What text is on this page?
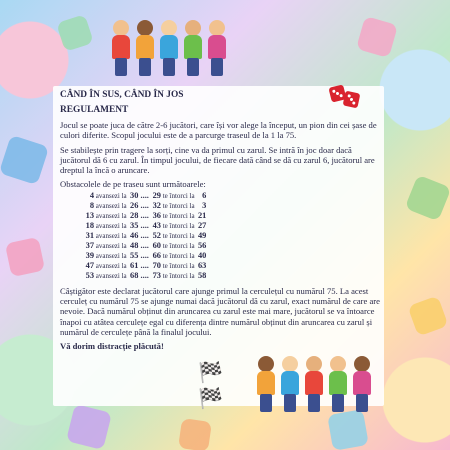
CÂND ÎN SUS, CÂND ÎN JOS
REGULAMENT

Jocul se poate juca de către 2-6 jucători, care își vor alege la început, un pion din cei șase de culori diferite. Scopul jocului este de a parcurge traseul de la 1 la 75.

Se stabilește prin tragere la sorți, cine va da primul cu zarul. Se intră în joc doar dacă jucătorul dă 6 cu zarul. În timpul jocului, de fiecare dată când se dă cu zarul 6, jucătorul are dreptul la încă o aruncare.

Obstacolele de pe traseu sunt următoarele:
4 avansezi la 30 .... 29 te întorci la 6
8 avansezi la 26 .... 32 te întorci la 3
13 avansezi la 28 .... 36 te întorci la 21
18 avansezi la 35 .... 43 te întorci la 27
31 avansezi la 46 .... 52 te întorci la 49
37 avansezi la 48 .... 60 te întorci la 56
39 avansezi la 55 .... 66 te întorci la 40
47 avansezi la 61 .... 70 te întorci la 63
53 avansezi la 68 .... 73 te întorci la 58

Câștigător este declarat jucătorul care ajunge primul la cerculețul cu numărul 75. La acest cerculeț cu numărul 75 se ajunge numai dacă jucătorul dă cu zarul, exact numărul de care are nevoie. Dacă numărul obținut din aruncarea cu zarul este mai mare, jucătorul se va întoarce înapoi cu atâtea cerculețe egal cu diferența dintre numărul obținut din aruncarea cu zarul și numărul de cerculețe până la finalul jocului.

Vă dorim distracție plăcută!
🏁🏁
